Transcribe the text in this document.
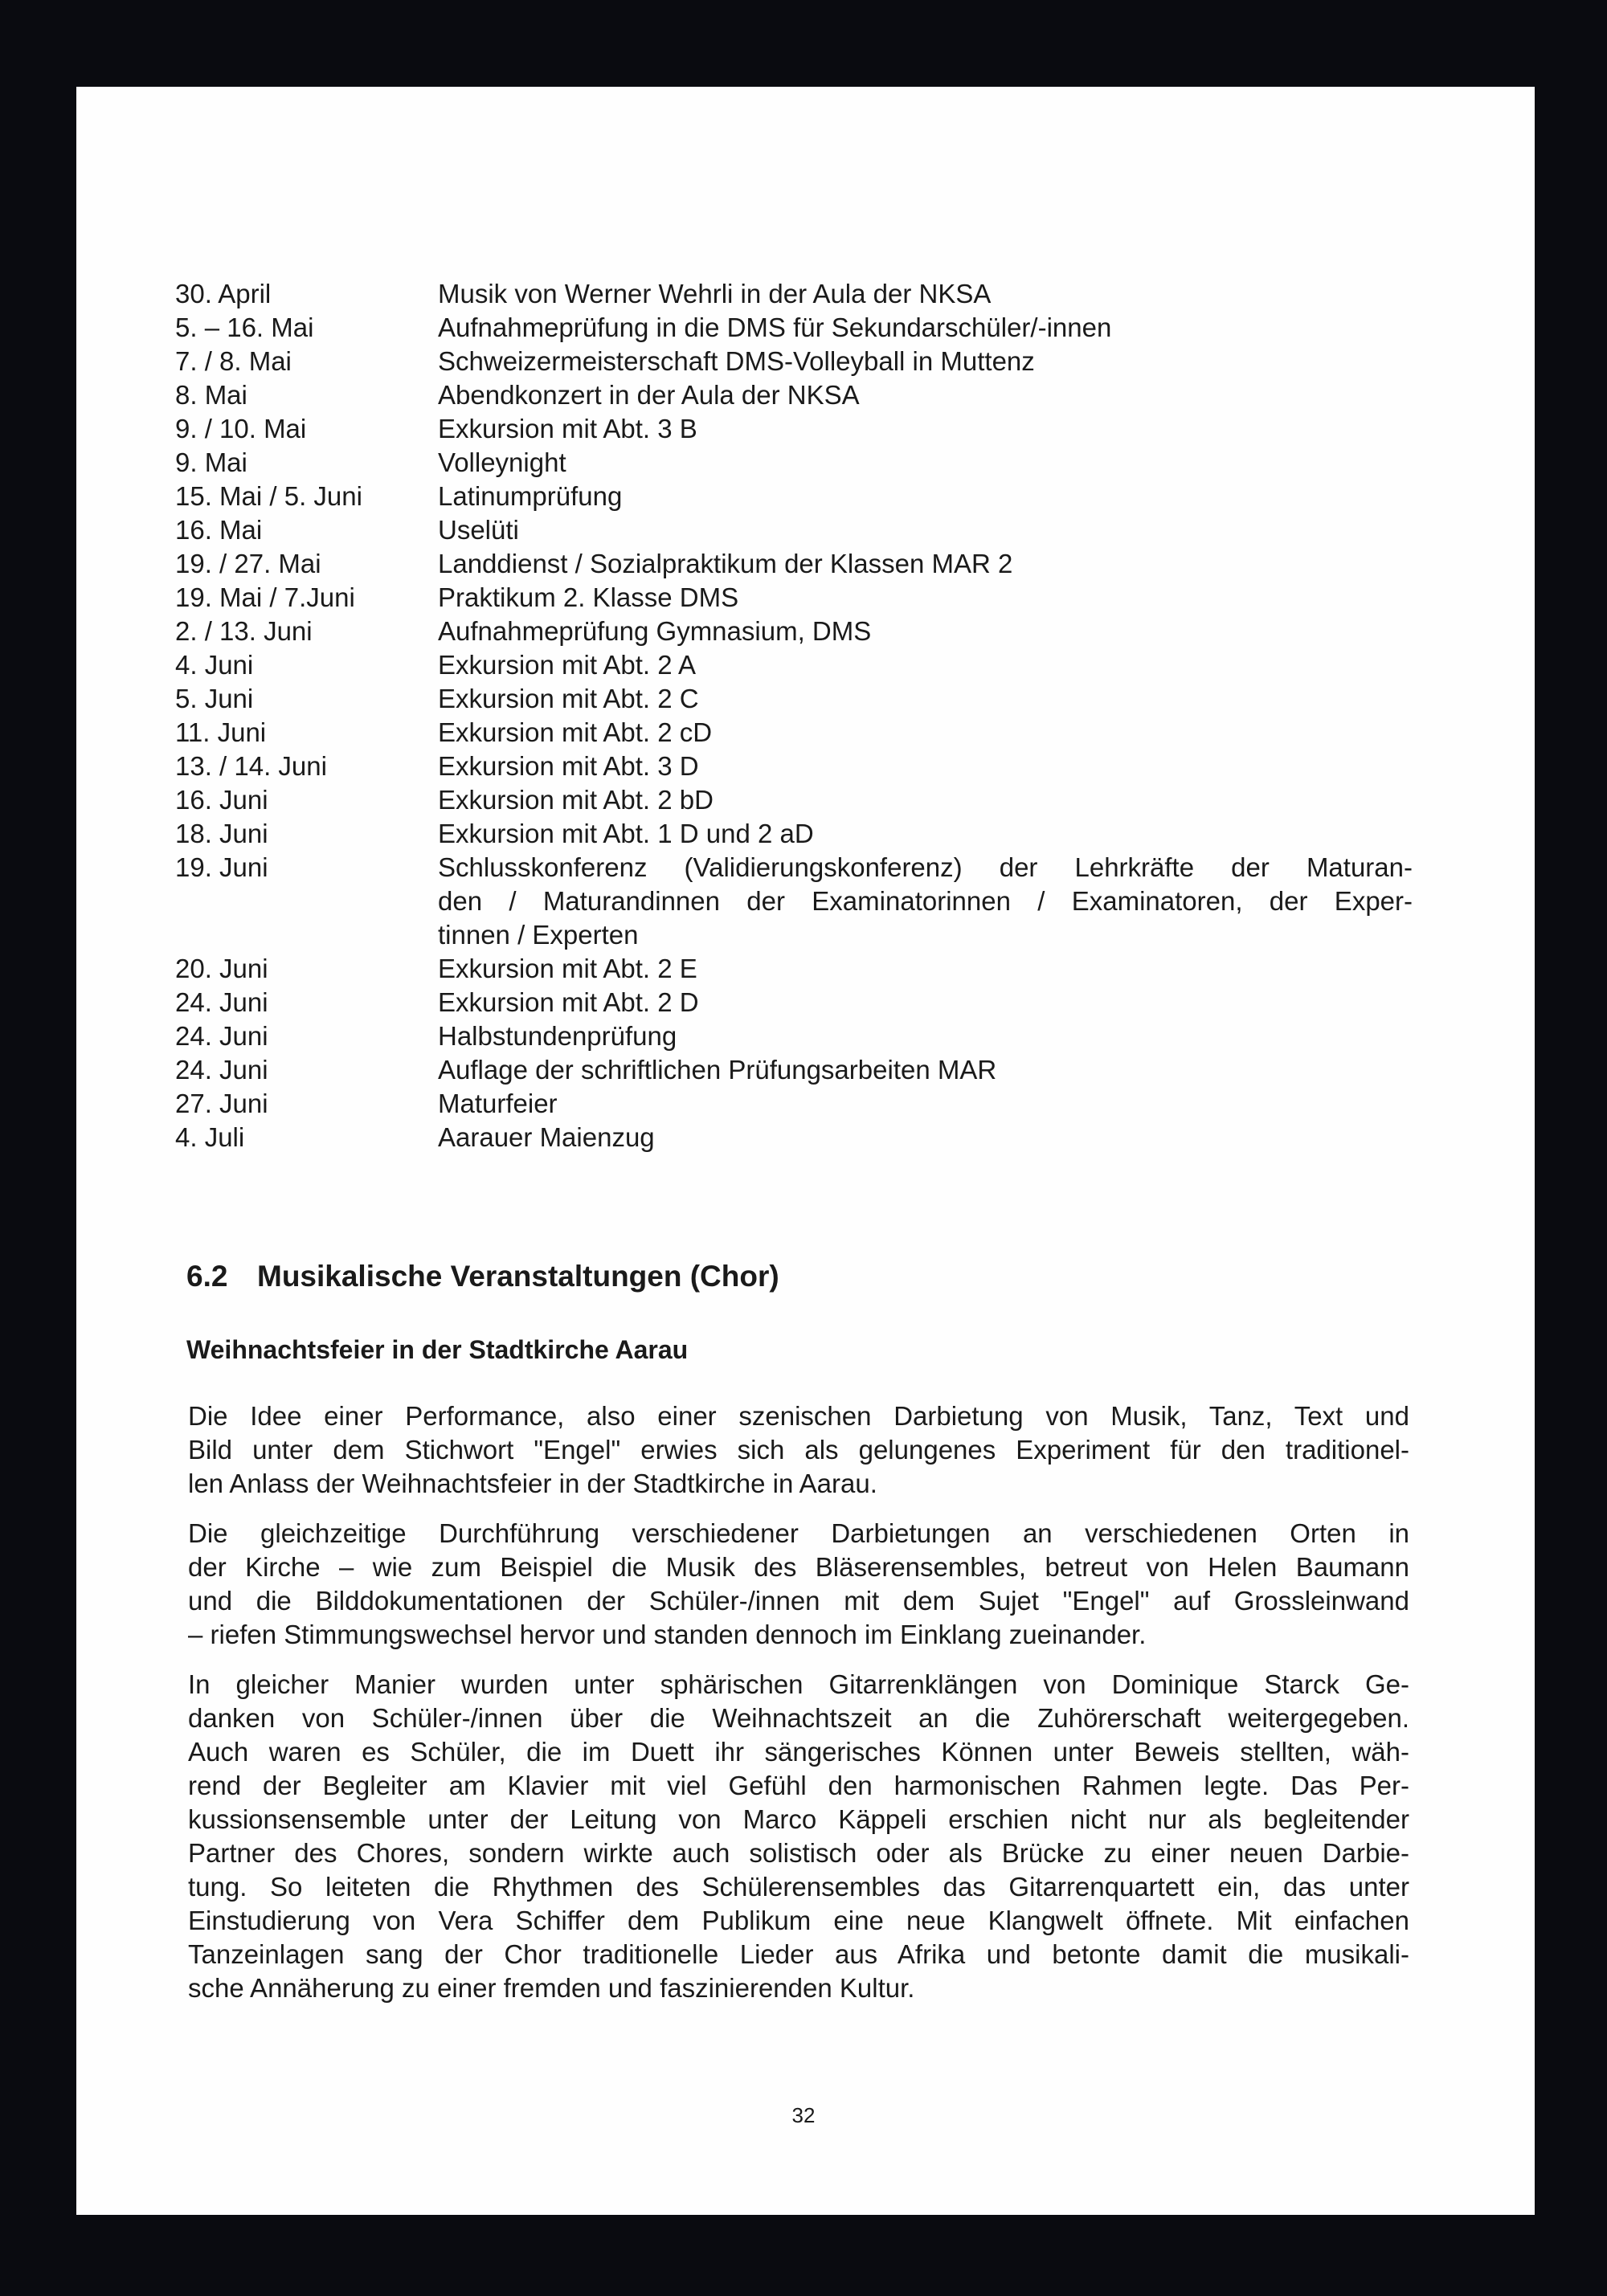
30. April	Musik von Werner Wehrli in der Aula der NKSA
5. – 16. Mai	Aufnahmeprüfung in die DMS für Sekundarschüler/-innen
7. / 8. Mai	Schweizermeisterschaft DMS-Volleyball in Muttenz
8. Mai	Abendkonzert in der Aula der NKSA
9. / 10. Mai	Exkursion mit Abt. 3 B
9. Mai	Volleynight
15. Mai / 5. Juni	Latinumprüfung
16. Mai	Uselüti
19. / 27. Mai	Landdienst / Sozialpraktikum der Klassen MAR 2
19. Mai / 7.Juni	Praktikum 2. Klasse DMS
2. / 13. Juni	Aufnahmeprüfung Gymnasium, DMS
4. Juni	Exkursion mit Abt. 2 A
5. Juni	Exkursion mit Abt. 2 C
11. Juni	Exkursion mit Abt. 2 cD
13. / 14. Juni	Exkursion mit Abt. 3 D
16. Juni	Exkursion mit Abt. 2 bD
18. Juni	Exkursion mit Abt. 1 D und 2 aD
19. Juni	Schlusskonferenz (Validierungskonferenz) der Lehrkräfte der Maturan-
den / Maturandinnen der Examinatorinnen / Examinatoren, der Exper-
tinnen / Experten
20. Juni	Exkursion mit Abt. 2 E
24. Juni	Exkursion mit Abt. 2 D
24. Juni	Halbstundenprüfung
24. Juni	Auflage der schriftlichen Prüfungsarbeiten MAR
27. Juni	Maturfeier
4. Juli	Aarauer Maienzug
6.2 Musikalische Veranstaltungen (Chor)
Weihnachtsfeier in der Stadtkirche Aarau
Die Idee einer Performance, also einer szenischen Darbietung von Musik, Tanz, Text und
Bild unter dem Stichwort "Engel" erwies sich als gelungenes Experiment für den traditionel-
len Anlass der Weihnachtsfeier in der Stadtkirche in Aarau.
Die gleichzeitige Durchführung verschiedener Darbietungen an verschiedenen Orten in
der Kirche – wie zum Beispiel die Musik des Bläserensembles, betreut von Helen Baumann
und die Bilddokumentationen der Schüler-/innen mit dem Sujet "Engel" auf Grossleinwand
– riefen Stimmungswechsel hervor und standen dennoch im Einklang zueinander.
In gleicher Manier wurden unter sphärischen Gitarrenklängen von Dominique Starck Ge-
danken von Schüler-/innen über die Weihnachtszeit an die Zuhörerschaft weitergegeben.
Auch waren es Schüler, die im Duett ihr sängerisches Können unter Beweis stellten, wäh-
rend der Begleiter am Klavier mit viel Gefühl den harmonischen Rahmen legte. Das Per-
kussionsensemble unter der Leitung von Marco Käppeli erschien nicht nur als begleitender
Partner des Chores, sondern wirkte auch solistisch oder als Brücke zu einer neuen Darbie-
tung. So leiteten die Rhythmen des Schülerensembles das Gitarrenquartett ein, das unter
Einstudierung von Vera Schiffer dem Publikum eine neue Klangwelt öffnete. Mit einfachen
Tanzeinlagen sang der Chor traditionelle Lieder aus Afrika und betonte damit die musikali-
sche Annäherung zu einer fremden und faszinierenden Kultur.
32
